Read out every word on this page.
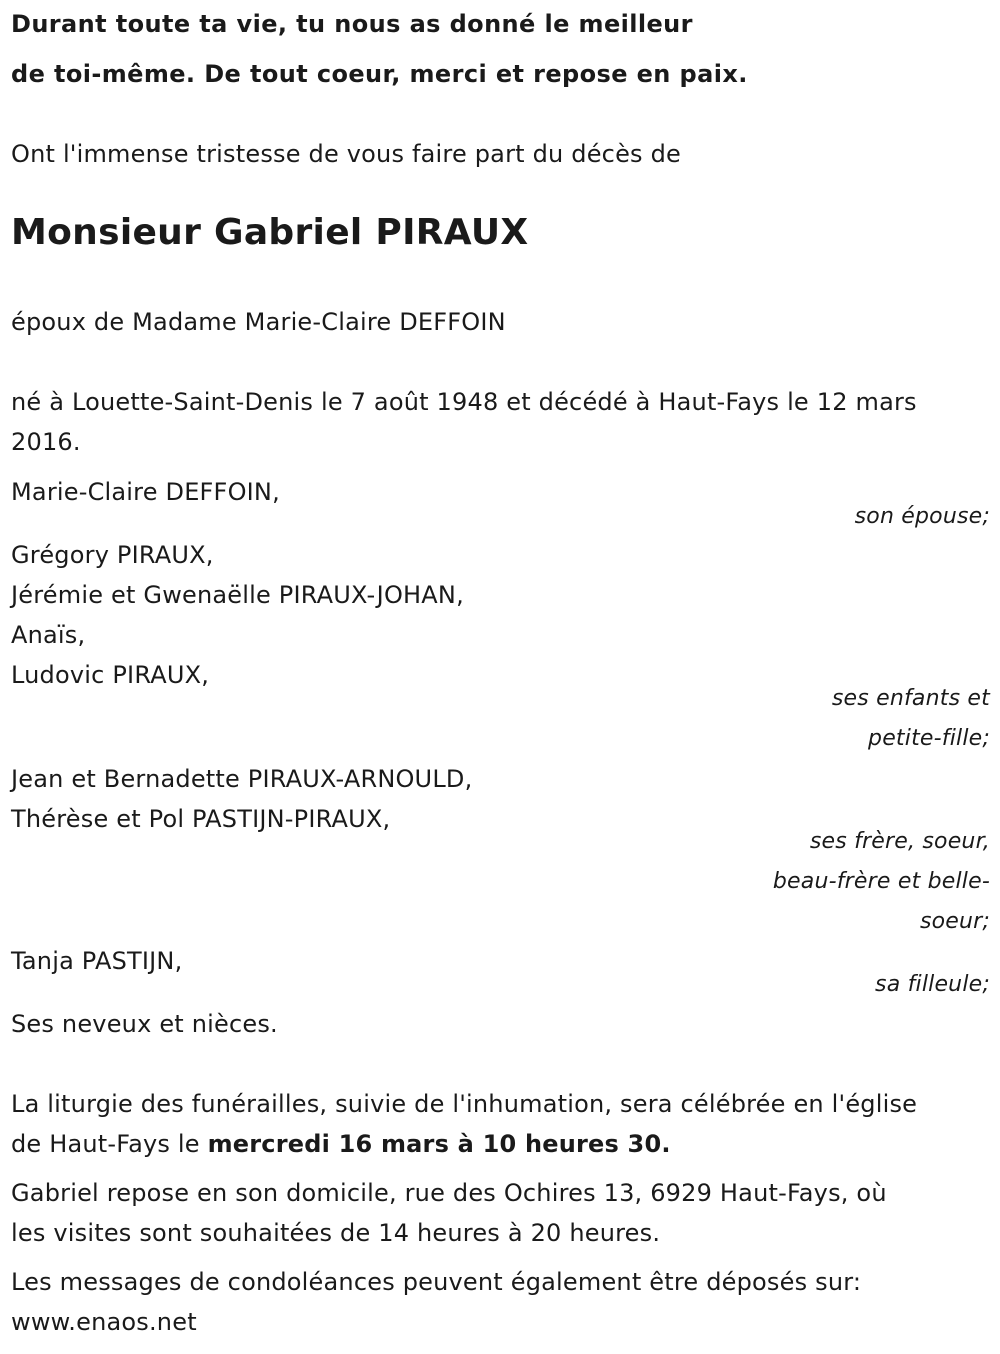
Durant toute ta vie, tu nous as donné le meilleur
de toi-même. De tout coeur, merci et repose en paix.
Ont l'immense tristesse de vous faire part du décès de
Monsieur Gabriel PIRAUX
époux de Madame Marie-Claire DEFFOIN
né à Louette-Saint-Denis le 7 août 1948 et décédé à Haut-Fays le 12 mars
2016.
Marie-Claire DEFFOIN,
son épouse;
Grégory PIRAUX,
Jérémie et Gwenaëlle PIRAUX-JOHAN,
Anaïs,
Ludovic PIRAUX,
ses enfants et
petite-fille;
Jean et Bernadette PIRAUX-ARNOULD,
Thérèse et Pol PASTIJN-PIRAUX,
ses frère, soeur,
beau-frère et belle-
soeur;
Tanja PASTIJN,
sa filleule;
Ses neveux et nièces.
La liturgie des funérailles, suivie de l'inhumation, sera célébrée en l'église
de Haut-Fays le mercredi 16 mars à 10 heures 30.
Gabriel repose en son domicile, rue des Ochires 13, 6929 Haut-Fays, où
les visites sont souhaitées de 14 heures à 20 heures.
Les messages de condoléances peuvent également être déposés sur:
www.enaos.net
